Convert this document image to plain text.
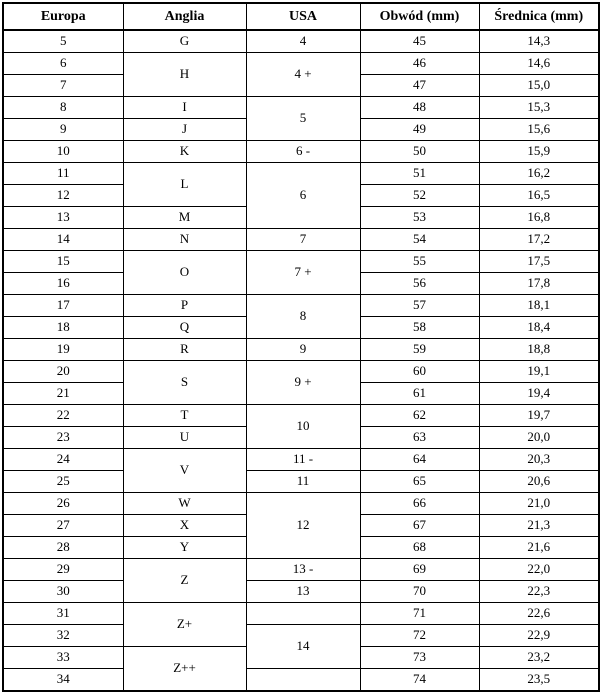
Europa	Anglia	USA	Obwód (mm)	Średnica (mm)
5	G	4	45	14,3
6	H	4 +	46	14,6
7			47	15,0
8	I	5	48	15,3
9	J		49	15,6
10	K	6 -	50	15,9
11	L	6	51	16,2
12			52	16,5
13	M		53	16,8
14	N	7	54	17,2
15	O	7 +	55	17,5
16			56	17,8
17	P	8	57	18,1
18	Q		58	18,4
19	R	9	59	18,8
20	S	9 +	60	19,1
21			61	19,4
22	T	10	62	19,7
23	U		63	20,0
24	V	11 -	64	20,3
25		11	65	20,6
26	W	12	66	21,0
27	X		67	21,3
28	Y		68	21,6
29	Z	13 -	69	22,0
30		13	70	22,3
31	Z+		71	22,6
32		14	72	22,9
33	Z++		73	23,2
34			74	23,5
